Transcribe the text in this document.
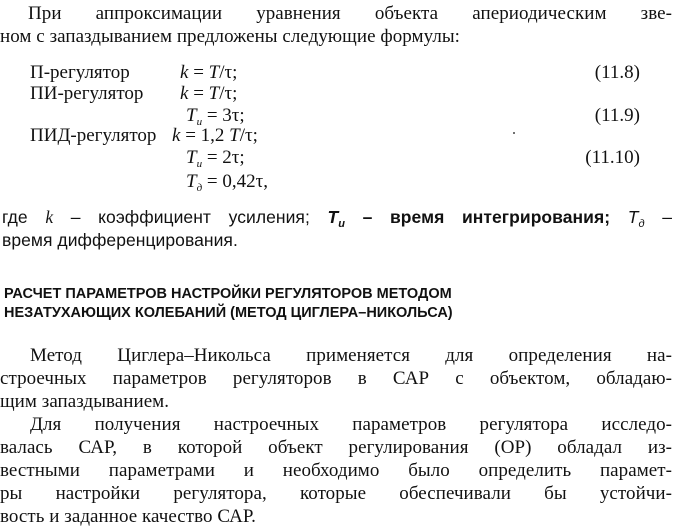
При аппроксимации уравнения объекта апериодическим зве-
ном с запаздыванием предложены следующие формулы:
П-регулятор	k = T/τ;	(11.8)
ПИ-регулятор k = T/τ;
$T_и = 3\tau$;	(11.9)
ПИД-регулятор k = 1,2 T/τ;
$T_и = 2\tau$;	(11.10)
$T_д = 0,42\tau$,
где k – коэффициент усиления; $T_и$ – время интегрирования; $T_д$ –
время дифференцирования.
РАСЧЕТ ПАРАМЕТРОВ НАСТРОЙКИ РЕГУЛЯТОРОВ МЕТОДОМ
НЕЗАТУХАЮЩИХ КОЛЕБАНИЙ (МЕТОД ЦИГЛЕРА–НИКОЛЬСА)
Метод Циглера–Никольса применяется для определения на-
строечных параметров регуляторов в САР с объектом, обладаю-
щим запаздыванием.
Для получения настроечных параметров регулятора исследо-
валась САР, в которой объект регулирования (ОР) обладал из-
вестными параметрами и необходимо было определить парамет-
ры настройки регулятора, которые обеспечивали бы устойчи-
вость и заданное качество САР.
